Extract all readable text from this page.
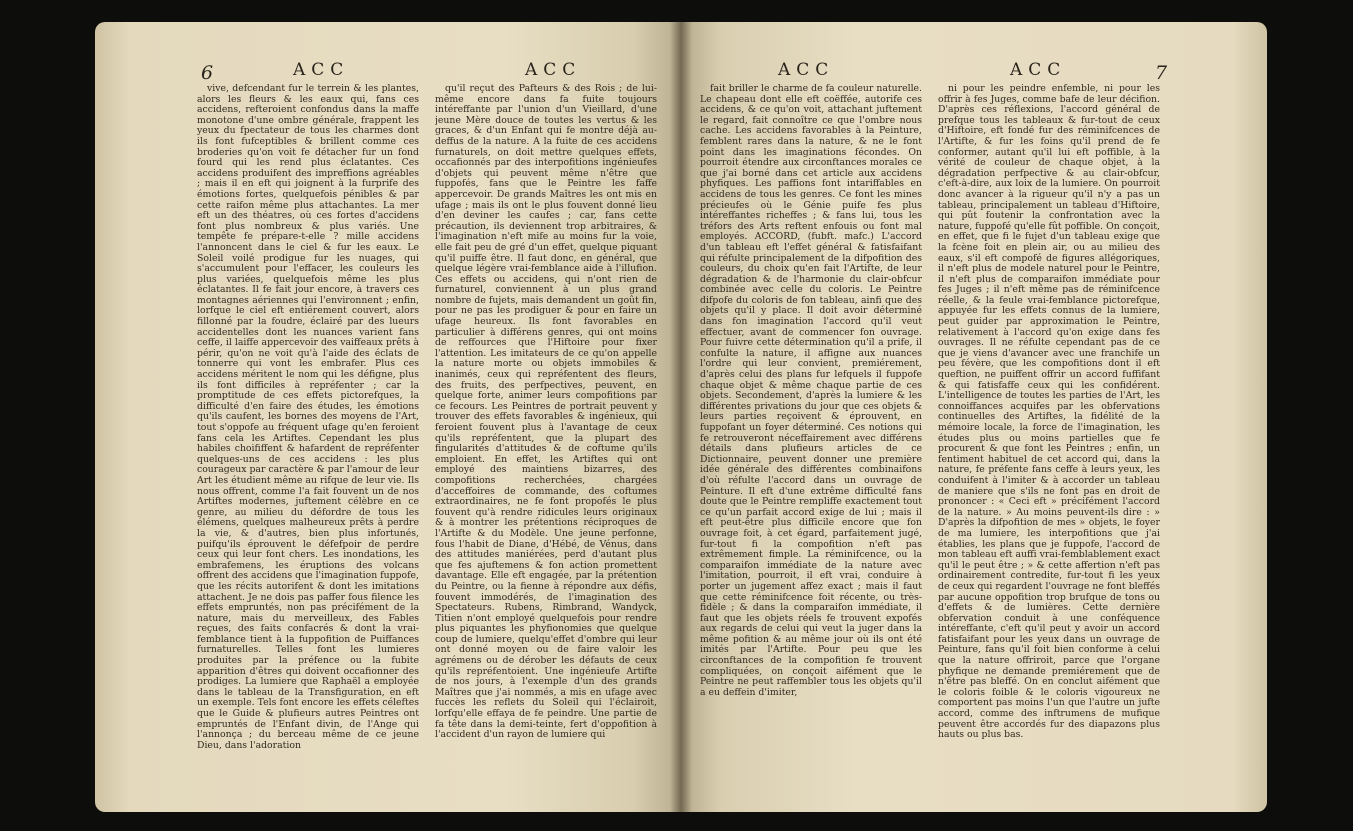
6	ACC	ACC

vive, defcendant fur le terrein & les plantes, alors les fleurs & les eaux qui, fans ces accidens, refteroient confondus dans la maffe monotone d'une ombre générale, frappent les yeux du fpectateur de tous les charmes dont ils font fufceptibles & brillent comme ces broderies qu'on voit fe détacher fur un fond fourd qui les rend plus éclatantes. Ces accidens produifent des impreffions agréables ; mais il en eft qui joignent à la furprife des émotions fortes, quelquefois pénibles & par cette raifon même plus attachantes. La mer eft un des théatres, où ces fortes d'accidens font plus nombreux & plus variés. Une tempête fe prépare-t-elle ? mille accidens l'annoncent dans le ciel & fur les eaux. Le Soleil voilé prodigue fur les nuages, qui s'accumulent pour l'effacer, les couleurs les plus variées, quelquefois même les plus éclatantes. Il fe fait jour encore, à travers ces montagnes aériennes qui l'environnent ; enfin, lorfque le ciel eft entiérement couvert, alors fillonné par la foudre, éclairé par des lueurs accidentelles dont les nuances varient fans ceffe, il laiffe appercevoir des vaiffeaux prêts à périr, qu'on ne voit qu'à l'aide des éclats de tonnerre qui vont les embrafer. Plus ces accidens méritent le nom qui les défigne, plus ils font difficiles à repréfenter ; car la promptitude de ces effets pictorefques, la difficulté d'en faire des études, les émotions qu'ils caufent, les bornes des moyens de l'Art, tout s'oppofe au fréquent ufage qu'en feroient fans cela les Artiftes. Cependant les plus habiles choififfent & hafardent de repréfenter quelques-uns de ces accidens : les plus courageux par caractère & par l'amour de leur Art les étudient même au rifque de leur vie. Ils nous offrent, comme l'a fait fouvent un de nos Artiftes modernes, juftement célèbre en ce genre, au milieu du défordre de tous les élémens, quelques malheureux prêts à perdre la vie, & d'autres, bien plus infortunés, puifqu'ils éprouvent le défefpoir de perdre ceux qui leur font chers. Les inondations, les embrafemens, les éruptions des volcans offrent des accidens que l'imagination fuppofe, que les récits autorifent & dont les imitations attachent. Je ne dois pas paffer fous filence les effets empruntés, non pas précifément de la nature, mais du merveilleux, des Fables reçues, des faits confacrés & dont la vrai-femblance tient à la fuppofition de Puiffances furnaturelles. Telles font les lumieres produites par la préfence ou la fubite apparition d'êtres qui doivent occafionner des prodiges. La lumiere que Raphaël a employée dans le tableau de la Transfiguration, en eft un exemple. Tels font encore les effets céleftes que le Guide & plufieurs autres Peintres ont empruntés de l'Enfant divin, de l'Ange qui l'annonça ; du berceau même de ce jeune Dieu, dans l'adoration

qu'il reçut des Pafteurs & des Rois ; de lui-même encore dans fa fuite toujours intéreffante par l'union d'un Vieillard, d'une jeune Mère douce de toutes les vertus & les graces, & d'un Enfant qui fe montre déjà au-deffus de la nature. A la fuite de ces accidens furnaturels, on doit mettre quelques effets, occafionnés par des interpofitions ingénieufes d'objets qui peuvent même n'être que fuppofés, fans que le Peintre les faffe appercevoir. De grands Maîtres les ont mis en ufage ; mais ils ont le plus fouvent donné lieu d'en deviner les caufes ; car, fans cette précaution, ils deviennent trop arbitraires, & l'imagination n'eft mife au moins fur la voie, elle fait peu de gré d'un effet, quelque piquant qu'il puiffe être. Il faut donc, en général, que quelque légère vrai-femblance aide à l'illufion. Ces effets ou accidens, qui n'ont rien de furnaturel, conviennent à un plus grand nombre de fujets, mais demandent un goût fin, pour ne pas les prodiguer & pour en faire un ufage heureux. Ils font favorables en particulier à différens genres, qui ont moins de reffources que l'Hiftoire pour fixer l'attention. Les imitateurs de ce qu'on appelle la nature morte ou objets immobiles & inanimés, ceux qui repréfentent des fleurs, des fruits, des perfpectives, peuvent, en quelque forte, animer leurs compofitions par ce fecours. Les Peintres de portrait peuvent y trouver des effets favorables & ingénieux, qui feroient fouvent plus à l'avantage de ceux qu'ils repréfentent, que la plupart des fingularités d'attitudes & de coftume qu'ils emploient. En effet, les Artiftes qui ont employé des maintiens bizarres, des compofitions recherchées, chargées d'acceffoires de commande, des coftumes extraordinaires, ne fe font propofés le plus fouvent qu'à rendre ridicules leurs originaux & à montrer les prétentions réciproques de l'Artifte & du Modèle. Une jeune perfonne, fous l'habit de Diane, d'Hébé, de Vénus, dans des attitudes maniérées, perd d'autant plus que fes ajuftemens & fon action promettent davantage. Elle eft engagée, par la prétention du Peintre, ou la fienne à répondre aux défis, fouvent immodérés, de l'imagination des Spectateurs. Rubens, Rimbrand, Wandyck, Titien n'ont employé quelquefois pour rendre plus piquantes les phyfionomies que quelque coup de lumiere, quelqu'effet d'ombre qui leur ont donné moyen ou de faire valoir les agrémens ou de dérober les défauts de ceux qu'ils repréfentoient. Une ingénieufe Artifte de nos jours, à l'exemple d'un des grands Maîtres que j'ai nommés, a mis en ufage avec fuccès les reflets du Soleil qui l'éclairoit, lorfqu'elle effaya de fe peindre. Une partie de fa tête dans la demi-teinte, fert d'oppofition à l'accident d'un rayon de lumiere qui

ACC	ACC	7

fait briller le charme de fa couleur naturelle. Le chapeau dont elle eft coëffée, autorife ces accidens, & ce qu'on voit, attachant juftement le regard, fait connoître ce que l'ombre nous cache. Les accidens favorables à la Peinture, femblent rares dans la nature, & ne le font point dans les imaginations fécondes. On pourroit étendre aux circonftances morales ce que j'ai borné dans cet article aux accidens phyfiques. Les paffions font intariffables en accidens de tous les genres. Ce font les mines précieufes où le Génie puife fes plus intéreffantes richeffes ; & fans lui, tous les tréfors des Arts reftent enfouis ou font mal employés. ACCORD, (fubft. mafc.) L'accord d'un tableau eft l'effet général & fatisfaifant qui réfulte principalement de la difpofition des couleurs, du choix qu'en fait l'Artifte, de leur dégradation & de l'harmonie du clair-obfcur combinée avec celle du coloris. Le Peintre difpofe du coloris de fon tableau, ainfi que des objets qu'il y place. Il doit avoir déterminé dans fon imagination l'accord qu'il veut effectuer, avant de commencer fon ouvrage. Pour fuivre cette détermination qu'il a prife, il confulte la nature, il affigne aux nuances l'ordre qui leur convient, premiérement, d'après celui des plans fur lefquels il fuppofe chaque objet & même chaque partie de ces objets. Secondement, d'après la lumiere & les différentes privations du jour que ces objets & leurs parties reçoivent & éprouvent, en fuppofant un foyer déterminé. Ces notions qui fe retrouveront néceffairement avec différens détails dans plufieurs articles de ce Dictionnaire, peuvent donner une première idée générale des différentes combinaifons d'où réfulte l'accord dans un ouvrage de Peinture. Il eft d'une extrême difficulté fans doute que le Peintre rempliffe exactement tout ce qu'un parfait accord exige de lui ; mais il eft peut-être plus difficile encore que fon ouvrage foit, à cet égard, parfaitement jugé, fur-tout fi la compofition n'eft pas extrêmement fimple. La réminifcence, ou la comparaifon immédiate de la nature avec l'imitation, pourroit, il eft vrai, conduire à porter un jugement affez exact ; mais il faut que cette réminifcence foit récente, ou très-fidèle ; & dans la comparaifon immédiate, il faut que les objets réels fe trouvent expofés aux regards de celui qui veut la juger dans la même pofition & au même jour où ils ont été imités par l'Artifte. Pour peu que les circonftances de la compofition fe trouvent compliquées, on conçoit aifément que le Peintre ne peut raffembler tous les objets qu'il a eu deffein d'imiter,

ni pour les peindre enfemble, ni pour les offrir à fes Juges, comme bafe de leur décifion. D'après ces réflexions, l'accord général de prefque tous les tableaux & fur-tout de ceux d'Hiftoire, eft fondé fur des réminifcences de l'Artifte, & fur les foins qu'il prend de fe conformer, autant qu'il lui eft poffible, à la vérité de couleur de chaque objet, à la dégradation perfpective & au clair-obfcur, c'eft-à-dire, aux loix de la lumiere. On pourroit donc avancer à la rigueur qu'il n'y a pas un tableau, principalement un tableau d'Hiftoire, qui pût foutenir la confrontation avec la nature, fuppofé qu'elle fût poffible. On conçoit, en effet, que fi le fujet d'un tableau exige que la fcène foit en plein air, ou au milieu des eaux, s'il eft compofé de figures allégoriques, il n'eft plus de modele naturel pour le Peintre, il n'eft plus de comparaifon immédiate pour fes Juges ; il n'eft même pas de réminifcence réelle, & la feule vrai-femblance pictorefque, appuyée fur les effets connus de la lumiere, peut guider par approximation le Peintre, relativement à l'accord qu'on exige dans fes ouvrages. Il ne réfulte cependant pas de ce que je viens d'avancer avec une franchife un peu févère, que les compofitions dont il eft queftion, ne puiffent offrir un accord fuffifant & qui fatisfaffe ceux qui les confidérent. L'intelligence de toutes les parties de l'Art, les connoiffances acquifes par les obfervations continuelles des Artiftes, la fidélité de la mémoire locale, la force de l'imagination, les études plus ou moins partielles que fe procurent & que font les Peintres ; enfin, un fentiment habituel de cet accord qui, dans la nature, fe préfente fans ceffe à leurs yeux, les conduifent à l'imiter & à accorder un tableau de maniere que s'ils ne font pas en droit de prononcer : « Ceci eft » précifément l'accord de la nature. » Au moins peuvent-ils dire : » D'après la difpofition de mes » objets, le foyer de ma lumiere, les interpofitions que j'ai établies, les plans que je fuppofe, l'accord de mon tableau eft auffi vrai-femblablement exact qu'il le peut être ; » & cette affertion n'eft pas ordinairement contredite, fur-tout fi les yeux de ceux qui regardent l'ouvrage ne font bleffés par aucune oppofition trop brufque de tons ou d'effets & de lumières. Cette dernière obfervation conduit à une conféquence intéreffante, c'eft qu'il peut y avoir un accord fatisfaifant pour les yeux dans un ouvrage de Peinture, fans qu'il foit bien conforme à celui que la nature offriroit, parce que l'organe phyfique ne demande premiérement que de n'être pas bleffé. On en conclut aifément que le coloris foible & le coloris vigoureux ne comportent pas moins l'un que l'autre un jufte accord, comme des inftrumens de mufique peuvent être accordés fur des diapazons plus hauts ou plus bas.
